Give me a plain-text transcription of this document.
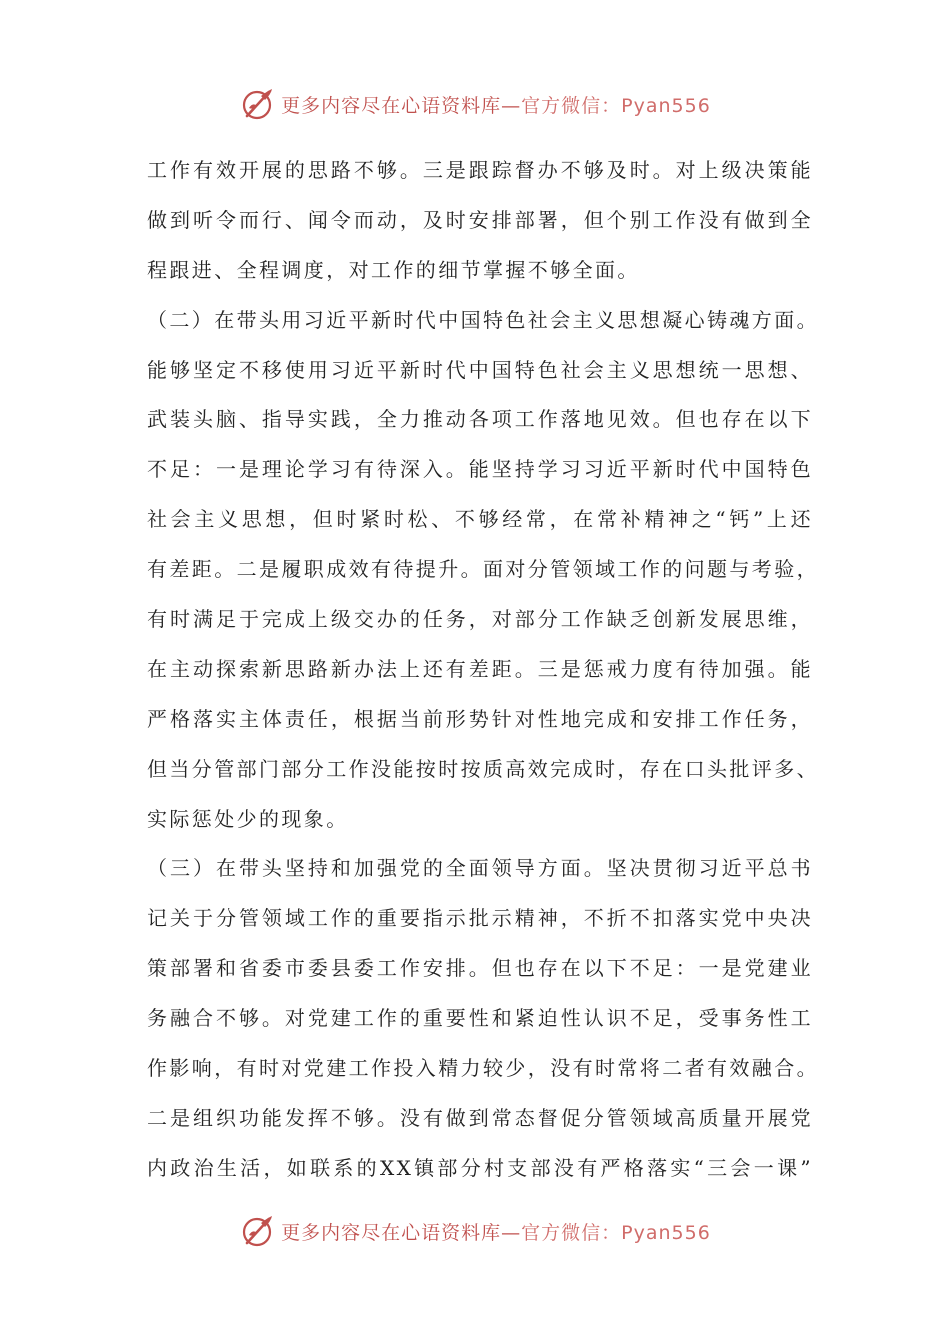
更多内容尽在心语资料库—官方微信：Pyan556
工作有效开展的思路不够。三是跟踪督办不够及时。对上级决策能
做到听令而行、闻令而动，及时安排部署，但个别工作没有做到全
程跟进、全程调度，对工作的细节掌握不够全面。
（二）在带头用习近平新时代中国特色社会主义思想凝心铸魂方面。
能够坚定不移使用习近平新时代中国特色社会主义思想统一思想、
武装头脑、指导实践，全力推动各项工作落地见效。但也存在以下
不足：一是理论学习有待深入。能坚持学习习近平新时代中国特色
社会主义思想，但时紧时松、不够经常，在常补精神之“钙”上还
有差距。二是履职成效有待提升。面对分管领域工作的问题与考验，
有时满足于完成上级交办的任务，对部分工作缺乏创新发展思维，
在主动探索新思路新办法上还有差距。三是惩戒力度有待加强。能
严格落实主体责任，根据当前形势针对性地完成和安排工作任务，
但当分管部门部分工作没能按时按质高效完成时，存在口头批评多、
实际惩处少的现象。
（三）在带头坚持和加强党的全面领导方面。坚决贯彻习近平总书
记关于分管领域工作的重要指示批示精神，不折不扣落实党中央决
策部署和省委市委县委工作安排。但也存在以下不足：一是党建业
务融合不够。对党建工作的重要性和紧迫性认识不足，受事务性工
作影响，有时对党建工作投入精力较少，没有时常将二者有效融合。
二是组织功能发挥不够。没有做到常态督促分管领域高质量开展党
内政治生活，如联系的XX镇部分村支部没有严格落实“三会一课”
更多内容尽在心语资料库—官方微信：Pyan556
